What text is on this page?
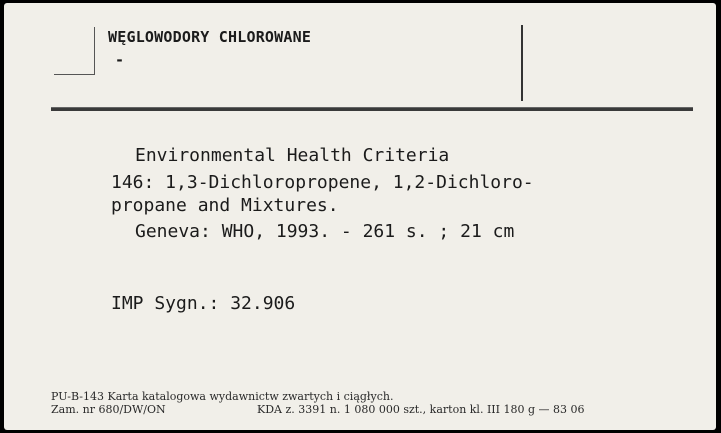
WĘGLOWODORY CHLOROWANE
-
Environmental Health Criteria
146: 1,3-Dichloropropene, 1,2-Dichloro-
propane and Mixtures.
Geneva: WHO, 1993. - 261 s. ; 21 cm
IMP Sygn.: 32.906
PU-B-143 Karta katalogowa wydawnictw zwartych i ciągłych.
Zam. nr 680/DW/ON	KDA z. 3391 n. 1 080 000 szt., karton kl. III 180 g — 83 06
